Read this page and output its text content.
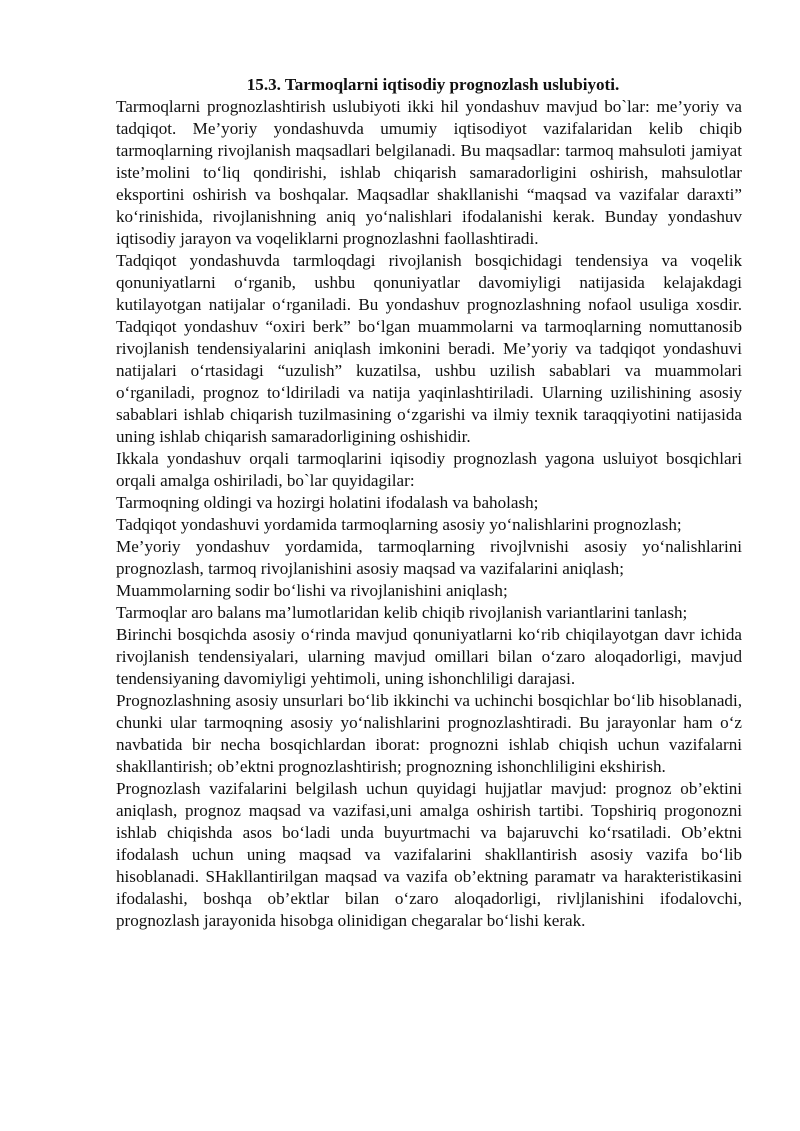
15.3. Tarmoqlarni iqtisodiy prognozlash uslubiyoti.

Tarmoqlarni prognozlashtirish uslubiyoti ikki hil yondashuv mavjud bo`lar: me’yoriy va tadqiqot. Me’yoriy yondashuvda umumiy iqtisodiyot vazifalaridan kelib chiqib tarmoqlarning rivojlanish maqsadlari belgilanadi. Bu maqsadlar: tarmoq mahsuloti jamiyat iste’molini to‘liq qondirishi, ishlab chiqarish samaradorligini oshirish, mahsulotlar eksportini oshirish va boshqalar. Maqsadlar shakllanishi “maqsad va vazifalar daraxti” ko‘rinishida, rivojlanishning aniq yo‘nalishlari ifodalanishi kerak. Bunday yondashuv iqtisodiy jarayon va voqeliklarni prognozlashni faollashtiradi.

Tadqiqot yondashuvda tarmloqdagi rivojlanish bosqichidagi tendensiya va voqelik qonuniyatlarni o‘rganib, ushbu qonuniyatlar davomiyligi natijasida kelajakdagi kutilayotgan natijalar o‘rganiladi. Bu yondashuv prognozlashning nofaol usuliga xosdir. Tadqiqot yondashuv “oxiri berk” bo‘lgan muammolarni va tarmoqlarning nomuttanosib rivojlanish tendensiyalarini aniqlash imkonini beradi. Me’yoriy va tadqiqot yondashuvi natijalari o‘rtasidagi “uzulish” kuzatilsa, ushbu uzilish sabablari va muammolari o‘rganiladi, prognoz to‘ldiriladi va natija yaqinlashtiriladi. Ularning uzilishining asosiy sabablari ishlab chiqarish tuzilmasining o‘zgarishi va ilmiy texnik taraqqiyotini natijasida uning ishlab chiqarish samaradorligining oshishidir.

Ikkala yondashuv orqali tarmoqlarini iqisodiy prognozlash yagona usluiyot bosqichlari orqali amalga oshiriladi, bo`lar quyidagilar:

Tarmoqning oldingi va hozirgi holatini ifodalash va baholash;

Tadqiqot yondashuvi yordamida tarmoqlarning asosiy yo‘nalishlarini prognozlash;

Me’yoriy yondashuv yordamida, tarmoqlarning rivojlvnishi asosiy yo‘nalishlarini prognozlash, tarmoq rivojlanishini asosiy maqsad va vazifalarini aniqlash;

Muammolarning sodir bo‘lishi va rivojlanishini aniqlash;

Tarmoqlar aro balans ma’lumotlaridan kelib chiqib rivojlanish variantlarini tanlash;

Birinchi bosqichda asosiy o‘rinda mavjud qonuniyatlarni ko‘rib chiqilayotgan davr ichida rivojlanish tendensiyalari, ularning mavjud omillari bilan o‘zaro aloqadorligi, mavjud tendensiyaning davomiyligi yehtimoli, uning ishonchliligi darajasi.

Prognozlashning asosiy unsurlari bo‘lib ikkinchi va uchinchi bosqichlar bo‘lib hisoblanadi, chunki ular tarmoqning asosiy yo‘nalishlarini prognozlashtiradi. Bu jarayonlar ham o‘z navbatida bir necha bosqichlardan iborat: prognozni ishlab chiqish uchun vazifalarni shakllantirish; ob’ektni prognozlashtirish; prognozning ishonchliligini ekshirish.

Prognozlash vazifalarini belgilash uchun quyidagi hujjatlar mavjud: prognoz ob’ektini aniqlash, prognoz maqsad va vazifasi,uni amalga oshirish tartibi. Topshiriq progonozni ishlab chiqishda asos bo‘ladi unda buyurtmachi va bajaruvchi ko‘rsatiladi. Ob’ektni ifodalash uchun uning maqsad va vazifalarini shakllantirish asosiy vazifa bo‘lib hisoblanadi. SHakllantirilgan maqsad va vazifa ob’ektning paramatr va harakteristikasini ifodalashi, boshqa ob’ektlar bilan o‘zaro aloqadorligi, rivljlanishini ifodalovchi, prognozlash jarayonida hisobga olinidigan chegaralar bo‘lishi kerak.
